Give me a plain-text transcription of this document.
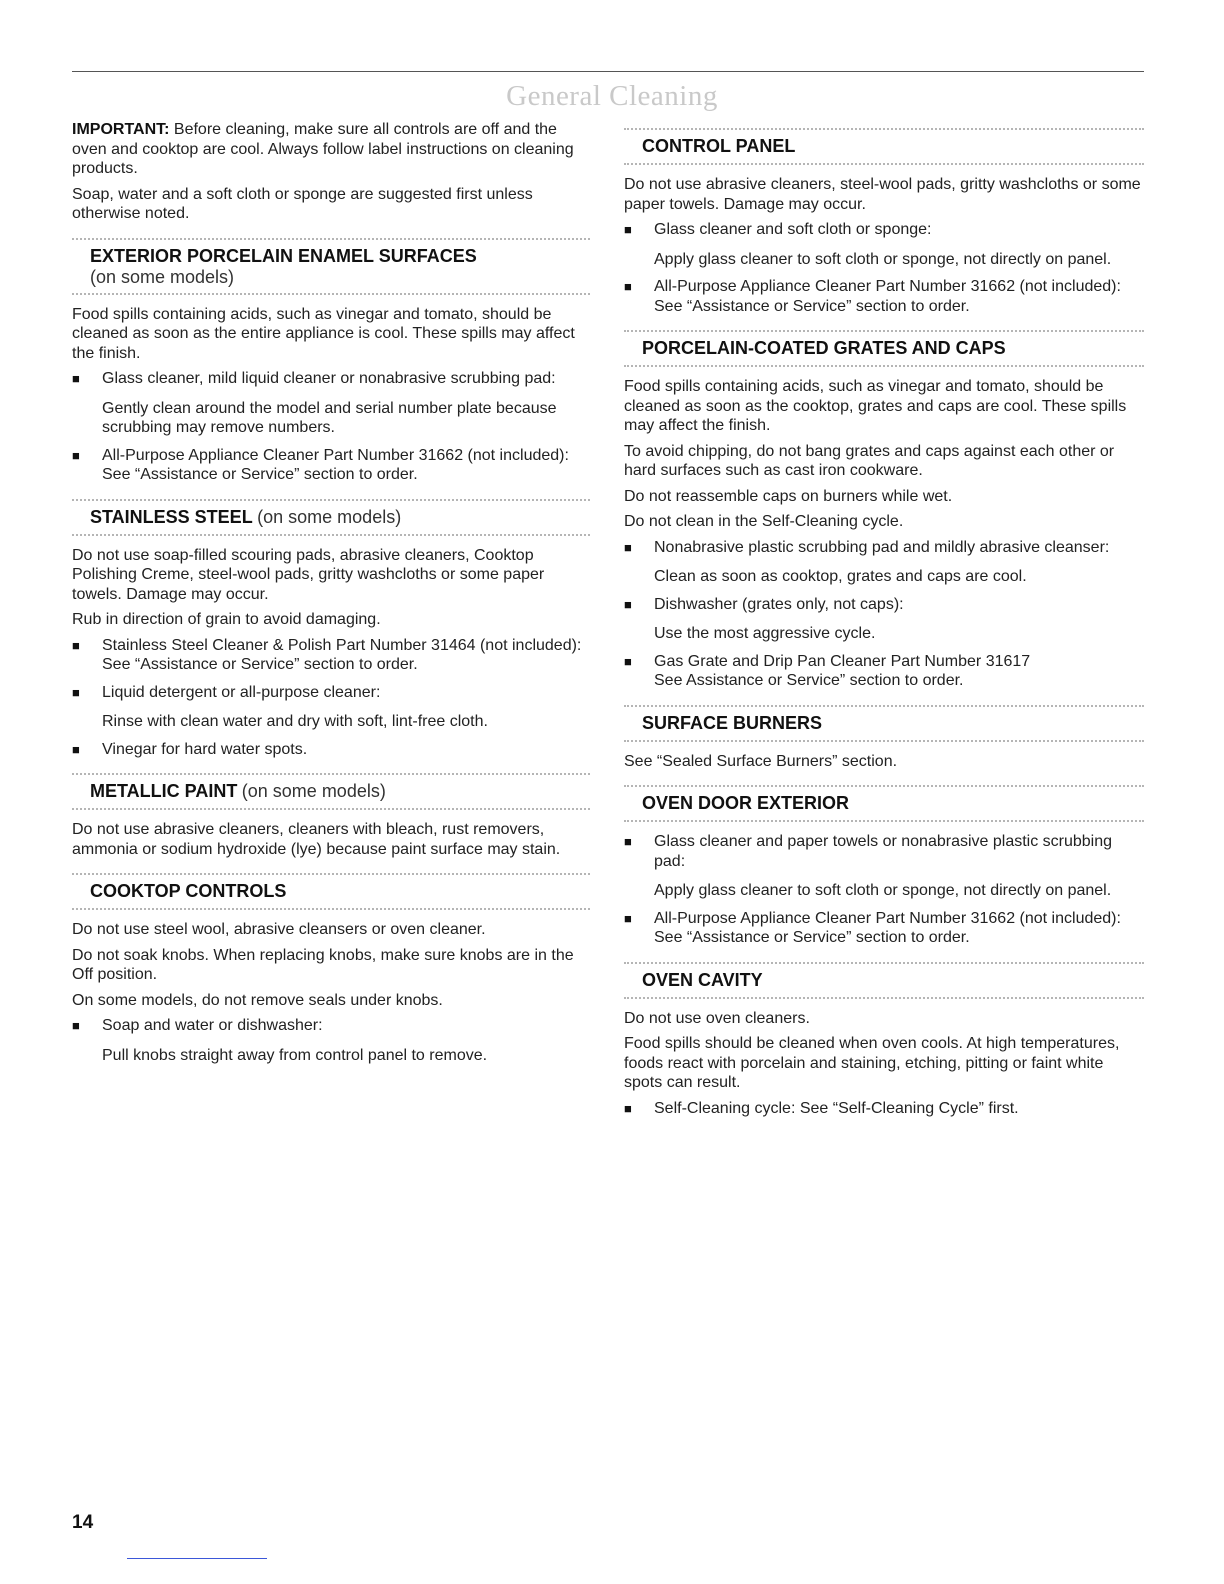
General Cleaning

IMPORTANT: Before cleaning, make sure all controls are off and the oven and cooktop are cool. Always follow label instructions on cleaning products.

Soap, water and a soft cloth or sponge are suggested first unless otherwise noted.

EXTERIOR PORCELAIN ENAMEL SURFACES
(on some models)

Food spills containing acids, such as vinegar and tomato, should be cleaned as soon as the entire appliance is cool. These spills may affect the finish.

■ Glass cleaner, mild liquid cleaner or nonabrasive scrubbing pad:

Gently clean around the model and serial number plate because scrubbing may remove numbers.

■ All-Purpose Appliance Cleaner Part Number 31662 (not included):

See “Assistance or Service” section to order.

STAINLESS STEEL (on some models)

Do not use soap-filled scouring pads, abrasive cleaners, Cooktop Polishing Creme, steel-wool pads, gritty washcloths or some paper towels. Damage may occur.

Rub in direction of grain to avoid damaging.

■ Stainless Steel Cleaner & Polish Part Number 31464 (not included):

See “Assistance or Service” section to order.

■ Liquid detergent or all-purpose cleaner:

Rinse with clean water and dry with soft, lint-free cloth.

■ Vinegar for hard water spots.

METALLIC PAINT (on some models)

Do not use abrasive cleaners, cleaners with bleach, rust removers, ammonia or sodium hydroxide (lye) because paint surface may stain.

COOKTOP CONTROLS

Do not use steel wool, abrasive cleansers or oven cleaner.

Do not soak knobs. When replacing knobs, make sure knobs are in the Off position.

On some models, do not remove seals under knobs.

■ Soap and water or dishwasher:

Pull knobs straight away from control panel to remove.

CONTROL PANEL

Do not use abrasive cleaners, steel-wool pads, gritty washcloths or some paper towels. Damage may occur.

■ Glass cleaner and soft cloth or sponge:

Apply glass cleaner to soft cloth or sponge, not directly on panel.

■ All-Purpose Appliance Cleaner Part Number 31662 (not included):

See “Assistance or Service” section to order.

PORCELAIN-COATED GRATES AND CAPS

Food spills containing acids, such as vinegar and tomato, should be cleaned as soon as the cooktop, grates and caps are cool. These spills may affect the finish.

To avoid chipping, do not bang grates and caps against each other or hard surfaces such as cast iron cookware.

Do not reassemble caps on burners while wet.

Do not clean in the Self-Cleaning cycle.

■ Nonabrasive plastic scrubbing pad and mildly abrasive cleanser:

Clean as soon as cooktop, grates and caps are cool.

■ Dishwasher (grates only, not caps):

Use the most aggressive cycle.

■ Gas Grate and Drip Pan Cleaner Part Number 31617

See Assistance or Service” section to order.

SURFACE BURNERS

See “Sealed Surface Burners” section.

OVEN DOOR EXTERIOR
■ Glass cleaner and paper towels or nonabrasive plastic scrubbing pad:

Apply glass cleaner to soft cloth or sponge, not directly on panel.

■ All-Purpose Appliance Cleaner Part Number 31662 (not included):

See “Assistance or Service” section to order.

OVEN CAVITY

Do not use oven cleaners.

Food spills should be cleaned when oven cools. At high temperatures, foods react with porcelain and staining, etching, pitting or faint white spots can result.

■ Self-Cleaning cycle: See “Self-Cleaning Cycle” first.

14
